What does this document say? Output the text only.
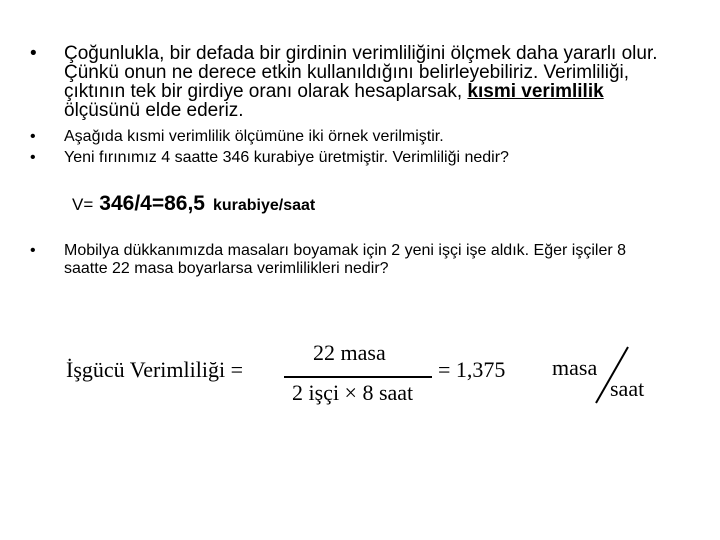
•	Çoğunlukla, bir defada bir girdinin verimliliğini ölçmek daha yararlı olur. Çünkü onun ne derece etkin kullanıldığını belirleyebiliriz. Verimliliği, çıktının tek bir girdiye oranı olarak hesaplarsak, kısmi verimlilik ölçüsünü elde ederiz.
•	Aşağıda kısmi verimlilik ölçümüne iki örnek verilmiştir.
•	Yeni fırınımız 4 saatte 346 kurabiye üretmiştir. Verimliliği nedir?
V= 346/4=86,5 kurabiye/saat
•	Mobilya dükkanımızda masaları boyamak için 2 yeni işçi işe aldık. Eğer işçiler 8 saatte 22 masa boyarlarsa verimlilikleri nedir?
İşgücü Verimliliği =
22 masa
2 işçi × 8 saat
= 1,375 masa
saat
